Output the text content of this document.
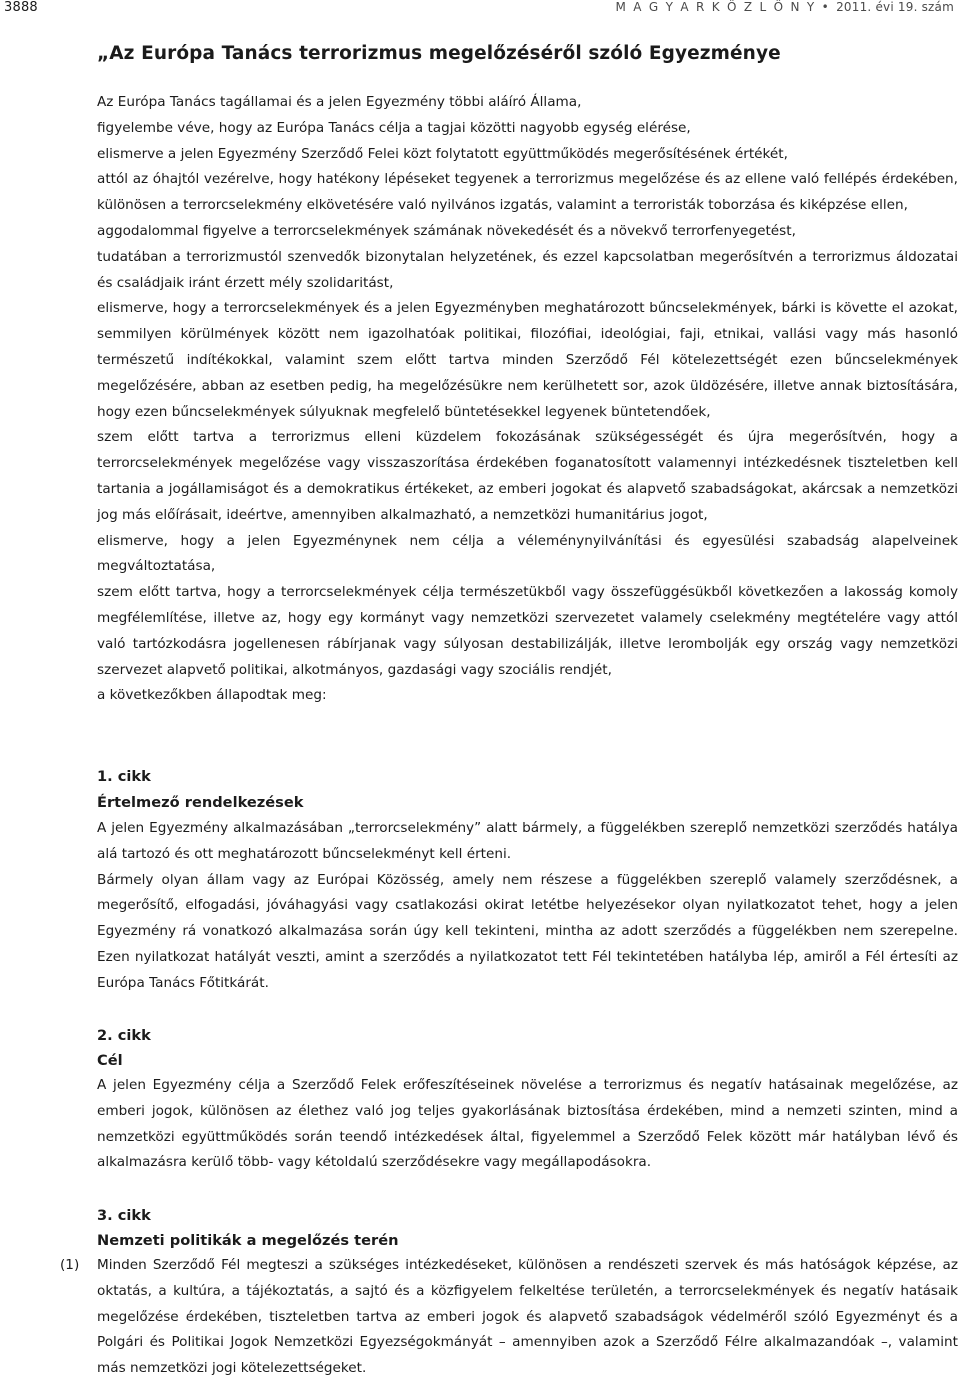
3888	M A G Y A R K Ö Z L Ö N Y • 2011. évi 19. szám
„Az Európa Tanács terrorizmus megelőzéséről szóló Egyezménye

Az Európa Tanács tagállamai és a jelen Egyezmény többi aláíró Állama,

figyelembe véve, hogy az Európa Tanács célja a tagjai közötti nagyobb egység elérése,

elismerve a jelen Egyezmény Szerződő Felei közt folytatott együttműködés megerősítésének értékét,

attól az óhajtól vezérelve, hogy hatékony lépéseket tegyenek a terrorizmus megelőzése és az ellene való fellépés érdekében, különösen a terrorcselekmény elkövetésére való nyilvános izgatás, valamint a terroristák toborzása és kiképzése ellen,

aggodalommal figyelve a terrorcselekmények számának növekedését és a növekvő terrorfenyegetést,

tudatában a terrorizmustól szenvedők bizonytalan helyzetének, és ezzel kapcsolatban megerősítvén a terrorizmus áldozatai és családjaik iránt érzett mély szolidaritást,

elismerve, hogy a terrorcselekmények és a jelen Egyezményben meghatározott bűncselekmények, bárki is követte el azokat, semmilyen körülmények között nem igazolhatóak politikai, filozófiai, ideológiai, faji, etnikai, vallási vagy más hasonló természetű indítékokkal, valamint szem előtt tartva minden Szerződő Fél kötelezettségét ezen bűncselekmények megelőzésére, abban az esetben pedig, ha megelőzésükre nem kerülhetett sor, azok üldözésére, illetve annak biztosítására, hogy ezen bűncselekmények súlyuknak megfelelő büntetésekkel legyenek büntetendőek,

szem előtt tartva a terrorizmus elleni küzdelem fokozásának szükségességét és újra megerősítvén, hogy a terrorcselekmények megelőzése vagy visszaszorítása érdekében foganatosított valamennyi intézkedésnek tiszteletben kell tartania a jogállamiságot és a demokratikus értékeket, az emberi jogokat és alapvető szabadságokat, akárcsak a nemzetközi jog más előírásait, ideértve, amennyiben alkalmazható, a nemzetközi humanitárius jogot,

elismerve, hogy a jelen Egyezménynek nem célja a véleménynyilvánítási és egyesülési szabadság alapelveinek megváltoztatása,

szem előtt tartva, hogy a terrorcselekmények célja természetükből vagy összefüggésükből következően a lakosság komoly megfélemlítése, illetve az, hogy egy kormányt vagy nemzetközi szervezetet valamely cselekmény megtételére vagy attól való tartózkodásra jogellenesen rábírjanak vagy súlyosan destabilizálják, illetve lerombolják egy ország vagy nemzetközi szervezet alapvető politikai, alkotmányos, gazdasági vagy szociális rendjét,

a következőkben állapodtak meg:

1. cikk
Értelmező rendelkezések

A jelen Egyezmény alkalmazásában „terrorcselekmény” alatt bármely, a függelékben szereplő nemzetközi szerződés hatálya alá tartozó és ott meghatározott bűncselekményt kell érteni.

Bármely olyan állam vagy az Európai Közösség, amely nem részese a függelékben szereplő valamely szerződésnek, a megerősítő, elfogadási, jóváhagyási vagy csatlakozási okirat letétbe helyezésekor olyan nyilatkozatot tehet, hogy a jelen Egyezmény rá vonatkozó alkalmazása során úgy kell tekinteni, mintha az adott szerződés a függelékben nem szerepelne. Ezen nyilatkozat hatályát veszti, amint a szerződés a nyilatkozatot tett Fél tekintetében hatályba lép, amiről a Fél értesíti az Európa Tanács Főtitkárát.

2. cikk
Cél

A jelen Egyezmény célja a Szerződő Felek erőfeszítéseinek növelése a terrorizmus és negatív hatásainak megelőzése, az emberi jogok, különösen az élethez való jog teljes gyakorlásának biztosítása érdekében, mind a nemzeti szinten, mind a nemzetközi együttműködés során teendő intézkedések által, figyelemmel a Szerződő Felek között már hatályban lévő és alkalmazásra kerülő több- vagy kétoldalú szerződésekre vagy megállapodásokra.

3. cikk
Nemzeti politikák a megelőzés terén
(1) Minden Szerződő Fél megteszi a szükséges intézkedéseket, különösen a rendészeti szervek és más hatóságok képzése, az oktatás, a kultúra, a tájékoztatás, a sajtó és a közfigyelem felkeltése területén, a terrorcselekmények és negatív hatásaik megelőzése érdekében, tiszteletben tartva az emberi jogok és alapvető szabadságok védelméről szóló Egyezményt és a Polgári és Politikai Jogok Nemzetközi Egyezségokmányát – amennyiben azok a Szerződő Félre alkalmazandóak –, valamint más nemzetközi jogi kötelezettségeket.
